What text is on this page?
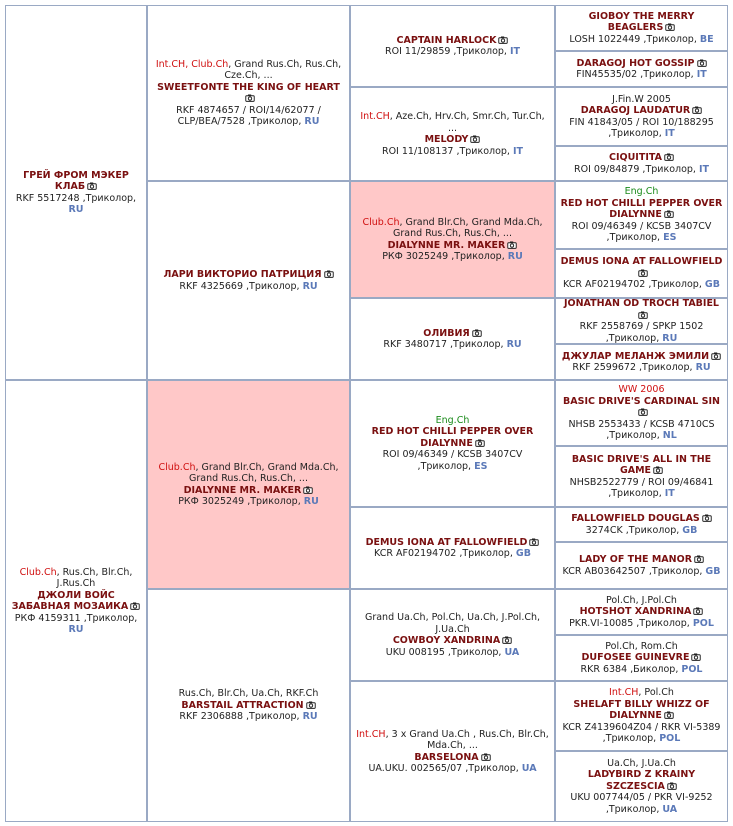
ГРЕЙ ФРОМ МЭКЕР КЛАБ
RKF 5517248 ,Триколор, RU
Club.Ch, Rus.Ch, Blr.Ch, J.Rus.Ch
ДЖОЛИ ВОЙС ЗАБАВНАЯ МОЗАИКА
РКФ 4159311 ,Триколор, RU
Int.CH, Club.Ch, Grand Rus.Ch, Rus.Ch, Cze.Ch, ...
SWEETFONTE THE KING OF HEART
RKF 4874657 / ROI/14/62077 / CLP/BEA/7528 ,Триколор, RU
ЛАРИ ВИКТОРИО ПАТРИЦИЯ
RKF 4325669 ,Триколор, RU
Club.Ch, Grand Blr.Ch, Grand Mda.Ch, Grand Rus.Ch, Rus.Ch, ...
DIALYNNE MR. MAKER
РКФ 3025249 ,Триколор, RU
Rus.Ch, Blr.Ch, Ua.Ch, RKF.Ch
BARSTAIL ATTRACTION
RKF 2306888 ,Триколор, RU
CAPTAIN HARLOCK
ROI 11/29859 ,Триколор, IT
Int.CH, Aze.Ch, Hrv.Ch, Smr.Ch, Tur.Ch, ...
MELODY
ROI 11/108137 ,Триколор, IT
Club.Ch, Grand Blr.Ch, Grand Mda.Ch, Grand Rus.Ch, Rus.Ch, ...
DIALYNNE MR. MAKER
РКФ 3025249 ,Триколор, RU
ОЛИВИЯ
RKF 3480717 ,Триколор, RU
Eng.Ch
RED HOT CHILLI PEPPER OVER DIALYNNE
ROI 09/46349 / KCSB 3407CV ,Триколор, ES
DEMUS IONA AT FALLOWFIELD
KCR AF02194702 ,Триколор, GB
Grand Ua.Ch, Pol.Ch, Ua.Ch, J.Pol.Ch, J.Ua.Ch
COWBOY XANDRINA
UKU 008195 ,Триколор, UA
Int.CH, 3 x Grand Ua.Ch , Rus.Ch, Blr.Ch, Mda.Ch, ...
BARSELONA
UA.UKU. 002565/07 ,Триколор, UA
GIOBOY THE MERRY BEAGLERS
LOSH 1022449 ,Триколор, BE
DARAGOJ HOT GOSSIP
FIN45535/02 ,Триколор, IT
J.Fin.W 2005
DARAGOJ LAUDATUR
FIN 41843/05 / ROI 10/188295 ,Триколор, IT
CIQUITITA
ROI 09/84879 ,Триколор, IT
Eng.Ch
RED HOT CHILLI PEPPER OVER DIALYNNE
ROI 09/46349 / KCSB 3407CV ,Триколор, ES
DEMUS IONA AT FALLOWFIELD
KCR AF02194702 ,Триколор, GB
JONATHAN OD TROCH TABIEL
RKF 2558769 / SPKP 1502 ,Триколор, RU
ДЖУЛАР МЕЛАНЖ ЭМИЛИ
RKF 2599672 ,Триколор, RU
WW 2006
BASIC DRIVE'S CARDINAL SIN
NHSB 2553433 / KCSB 4710CS ,Триколор, NL
BASIC DRIVE'S ALL IN THE GAME
NHSB2522779 / ROI 09/46841 ,Триколор, IT
FALLOWFIELD DOUGLAS
3274CK ,Триколор, GB
LADY OF THE MANOR
KCR AB03642507 ,Триколор, GB
Pol.Ch, J.Pol.Ch
HOTSHOT XANDRINA
PKR.VI-10085 ,Триколор, POL
Pol.Ch, Rom.Ch
DUFOSEE GUINEVRE
RKR 6384 ,Биколор, POL
Int.CH, Pol.Ch
SHELAFT BILLY WHIZZ OF DIALYNNE
KCR Z4139604Z04 / RKR VI-5389 ,Триколор, POL
Ua.Ch, J.Ua.Ch
LADYBIRD Z KRAINY SZCZESCIA
UKU 007744/05 / PKR VI-9252 ,Триколор, UA
